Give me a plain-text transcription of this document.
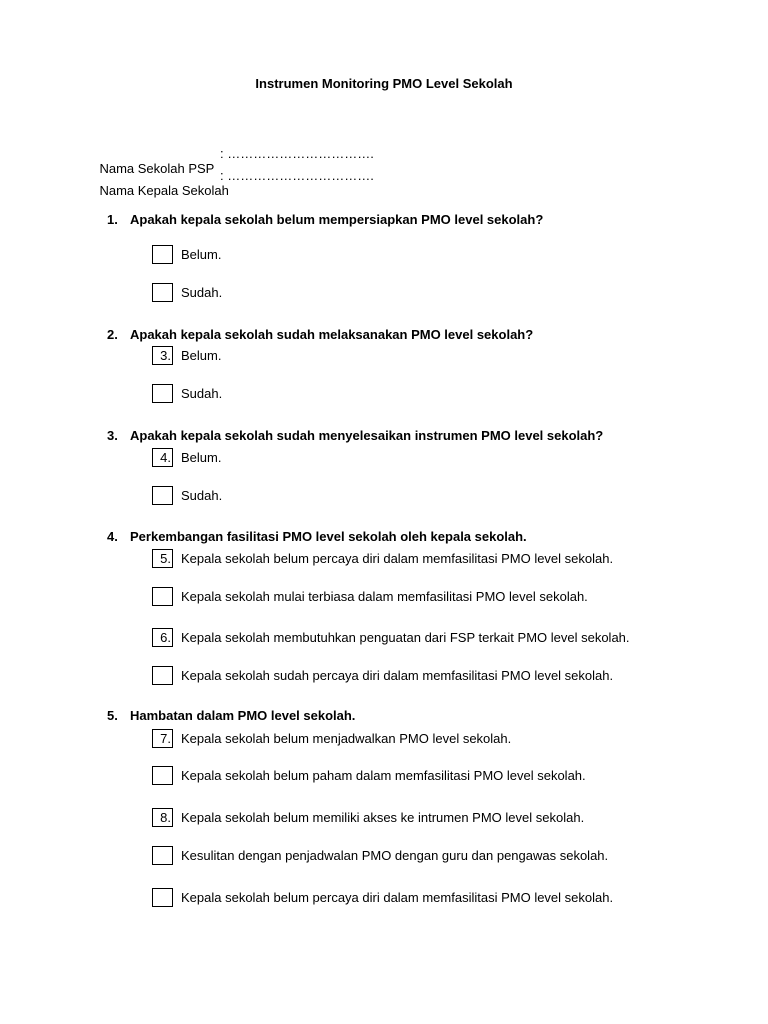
Instrumen Monitoring PMO Level Sekolah

Nama Sekolah PSP

: …………………………….

Nama Kepala Sekolah

: …………………………….

1. Apakah kepala sekolah belum mempersiapkan PMO level sekolah?
Belum.
Sudah.
2. Apakah kepala sekolah sudah melaksanakan PMO level sekolah?
3. Belum.
Sudah.
3. Apakah kepala sekolah sudah menyelesaikan instrumen PMO level sekolah?
4. Belum.
Sudah.
4. Perkembangan fasilitasi PMO level sekolah oleh kepala sekolah.
5. Kepala sekolah belum percaya diri dalam memfasilitasi PMO level sekolah.
Kepala sekolah mulai terbiasa dalam memfasilitasi PMO level sekolah.
6. Kepala sekolah membutuhkan penguatan dari FSP terkait PMO level sekolah.
Kepala sekolah sudah percaya diri dalam memfasilitasi PMO level sekolah.
5. Hambatan dalam PMO level sekolah.
7. Kepala sekolah belum menjadwalkan PMO level sekolah.
Kepala sekolah belum paham dalam memfasilitasi PMO level sekolah.
8. Kepala sekolah belum memiliki akses ke intrumen PMO level sekolah.
Kesulitan dengan penjadwalan PMO dengan guru dan pengawas sekolah.
Kepala sekolah belum percaya diri dalam memfasilitasi PMO level sekolah.
